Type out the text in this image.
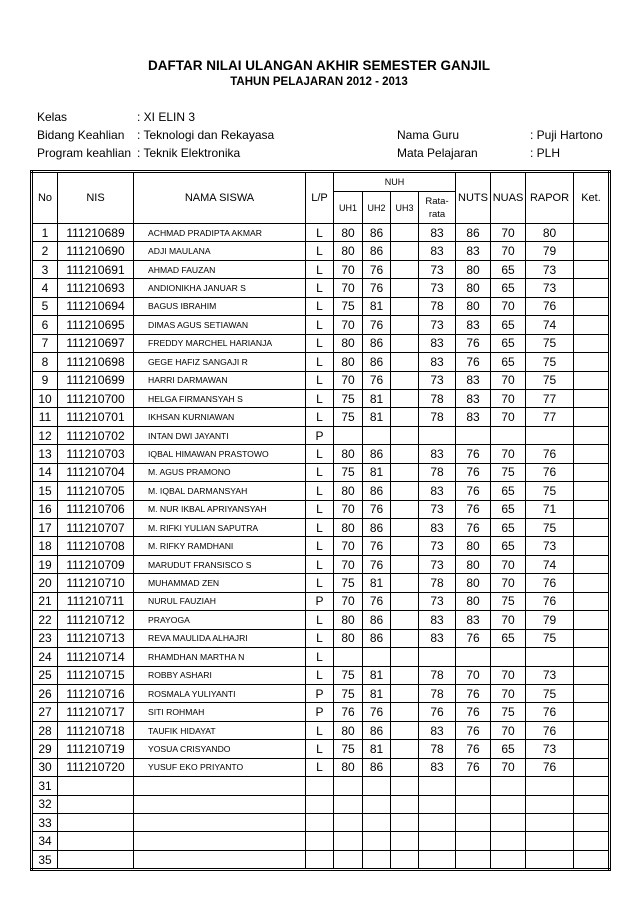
DAFTAR NILAI ULANGAN AKHIR SEMESTER GANJIL
TAHUN PELAJARAN 2012 - 2013
Kelas
Bidang Keahlian
Program keahlian
: XI ELIN 3
: Teknologi dan Rekayasa
: Teknik Elektronika
Nama Guru
Mata Pelajaran
: Puji Hartono
: PLH
No	NIS	NAMA SISWA	L/P	NUH				NUTS	NUAS	RAPOR	Ket.
				UH1	UH2	UH3	Rata-
rata				
1	111210689	ACHMAD PRADIPTA AKMAR	L	80	86		83	86	70	80	
2	111210690	ADJI MAULANA	L	80	86		83	83	70	79	
3	111210691	AHMAD FAUZAN	L	70	76		73	80	65	73	
4	111210693	ANDIONIKHA JANUAR S	L	70	76		73	80	65	73	
5	111210694	BAGUS IBRAHIM	L	75	81		78	80	70	76	
6	111210695	DIMAS AGUS SETIAWAN	L	70	76		73	83	65	74	
7	111210697	FREDDY MARCHEL HARIANJA	L	80	86		83	76	65	75	
8	111210698	GEGE HAFIZ SANGAJI R	L	80	86		83	76	65	75	
9	111210699	HARRI DARMAWAN	L	70	76		73	83	70	75	
10	111210700	HELGA FIRMANSYAH S	L	75	81		78	83	70	77	
11	111210701	IKHSAN KURNIAWAN	L	75	81		78	83	70	77	
12	111210702	INTAN DWI JAYANTI	P								
13	111210703	IQBAL HIMAWAN PRASTOWO	L	80	86		83	76	70	76	
14	111210704	M. AGUS PRAMONO	L	75	81		78	76	75	76	
15	111210705	M. IQBAL DARMANSYAH	L	80	86		83	76	65	75	
16	111210706	M. NUR IKBAL APRIYANSYAH	L	70	76		73	76	65	71	
17	111210707	M. RIFKI YULIAN SAPUTRA	L	80	86		83	76	65	75	
18	111210708	M. RIFKY RAMDHANI	L	70	76		73	80	65	73	
19	111210709	MARUDUT FRANSISCO S	L	70	76		73	80	70	74	
20	111210710	MUHAMMAD ZEN	L	75	81		78	80	70	76	
21	111210711	NURUL FAUZIAH	P	70	76		73	80	75	76	
22	111210712	PRAYOGA	L	80	86		83	83	70	79	
23	111210713	REVA MAULIDA ALHAJRI	L	80	86		83	76	65	75	
24	111210714	RHAMDHAN MARTHA N	L								
25	111210715	ROBBY ASHARI	L	75	81		78	70	70	73	
26	111210716	ROSMALA YULIYANTI	P	75	81		78	76	70	75	
27	111210717	SITI ROHMAH	P	76	76		76	76	75	76	
28	111210718	TAUFIK HIDAYAT	L	80	86		83	76	70	76	
29	111210719	YOSUA CRISYANDO	L	75	81		78	76	65	73	
30	111210720	YUSUF EKO PRIYANTO	L	80	86		83	76	70	76	
31											
32											
33											
34											
35											
